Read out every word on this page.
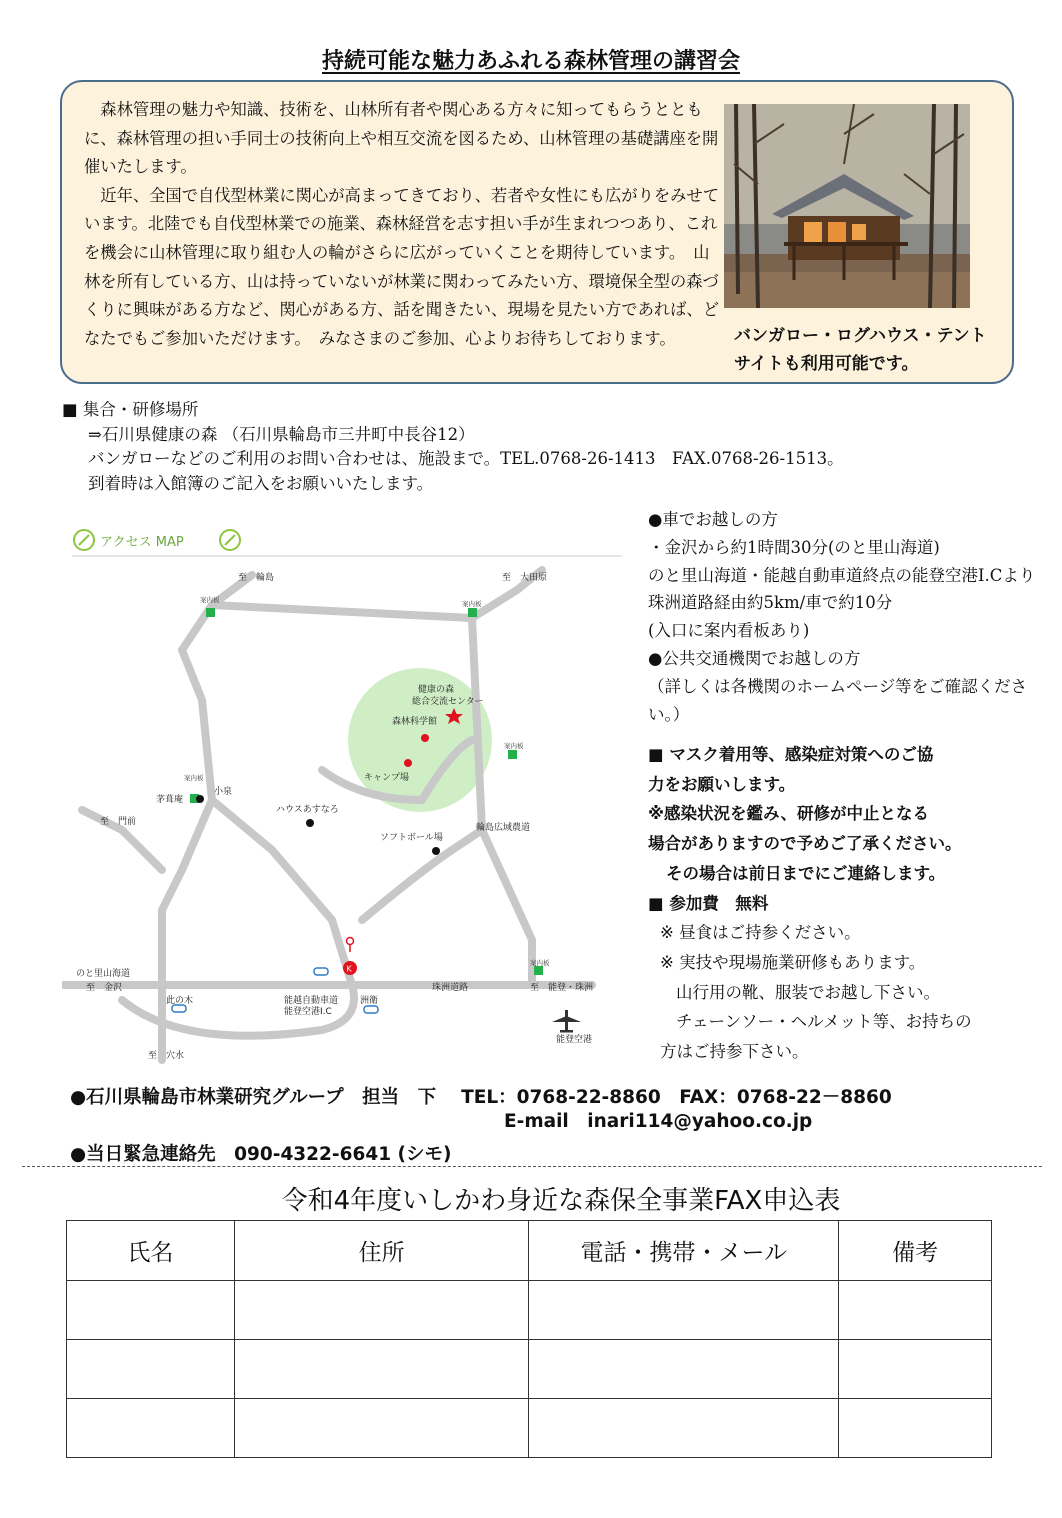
持続可能な魅力あふれる森林管理の講習会

森林管理の魅力や知識、技術を、山林所有者や関心ある方々に知ってもらうとともに、森林管理の担い手同士の技術向上や相互交流を図るため、山林管理の基礎講座を開催いたします。

近年、全国で自伐型林業に関心が高まってきており、若者や女性にも広がりをみせています。北陸でも自伐型林業での施業、森林経営を志す担い手が生まれつつあり、これを機会に山林管理に取り組む人の輪がさらに広がっていくことを期待しています。　山林を所有している方、山は持っていないが林業に関わってみたい方、環境保全型の森づくりに興味がある方など、関心がある方、話を聞きたい、現場を見たい方であれば、どなたでもご参加いただけます。　みなさまのご参加、心よりお待ちしております。	バンガロー・ログハウス・テント
サイトも利用可能です。
■ 集合・研修場所
⇒石川県健康の森 （石川県輪島市三井町中長谷12）
バンガローなどのご利用のお問い合わせは、施設まで。TEL.0768-26-1413　FAX.0768-26-1513。
到着時は入館簿のご記入をお願いいたします。
アクセス MAP
案内板	案内板
案内板
案内板
案内板
K
至　輪島	至　大田原
至　門前
至　金沢
至　穴水
至　能登・珠洲
健康の森
総合交流センター
森林科学館
キャンプ場
ハウスあすなろ
ソフトボール場
輪島広域農道
茅葺庵
小泉
のと里山海道
珠洲道路
此の木	能越自動車道
能登空港I.C
洲衛
能登空港
●車でお越しの方
・金沢から約1時間30分(のと里山海道)
のと里山海道・能越自動車道終点の能登空港I.Cより珠洲道路経由約5km/車で約10分
(入口に案内看板あり)
●公共交通機関でお越しの方
（詳しくは各機関のホームページ等をご確認ください。）
■ マスク着用等、感染症対策へのご協
力をお願いします。
※感染状況を鑑み、研修が中止となる
場合がありますので予めご了承ください。
その場合は前日までにご連絡します。
■ 参加費　無料
※ 昼食はご持参ください。
※ 実技や現場施業研修もあります。
山行用の靴、服装でお越し下さい。
チェーンソー・ヘルメット等、お持ちの
方はご持参下さい。
●石川県輪島市林業研究グループ　担当　下　 TEL：0768-22-8860　FAX：0768-22－8860
E-mail　inari114@yahoo.co.jp
●当日緊急連絡先　090-4322-6641 (シモ)
令和4年度いしかわ身近な森保全事業FAX申込表
氏名	住所	電話・携帯・メール	備考
